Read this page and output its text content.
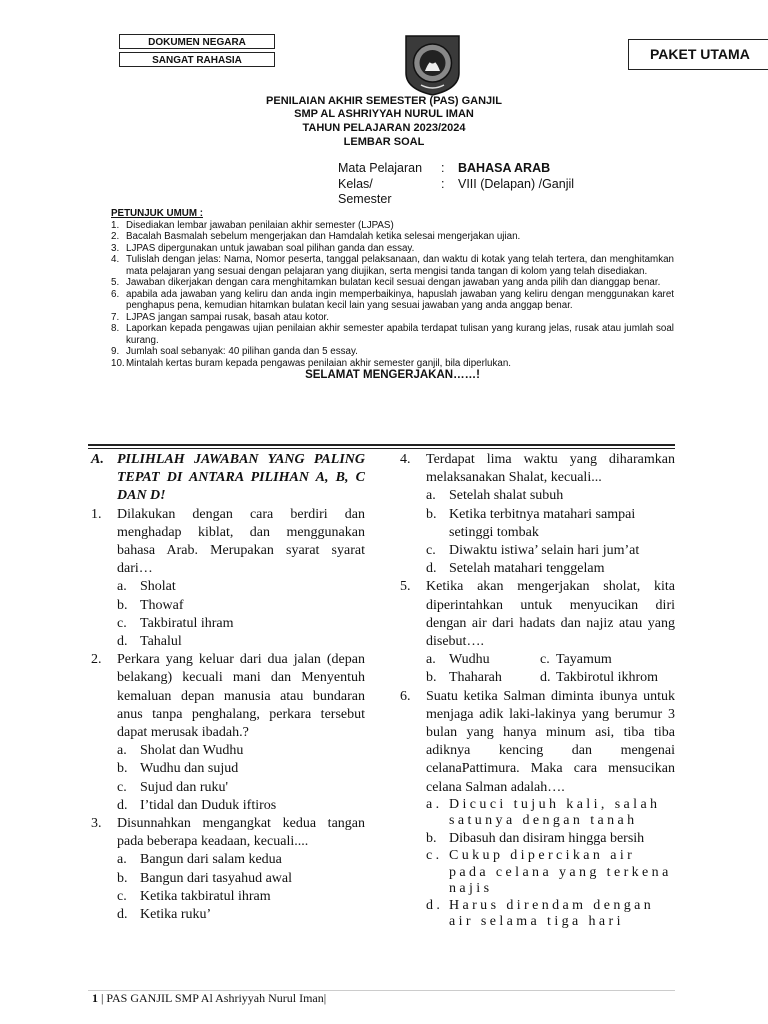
DOKUMEN NEGARA
SANGAT RAHASIA	PAKET UTAMA
PENILAIAN AKHIR SEMESTER (PAS) GANJIL
SMP AL ASHRIYYAH NURUL IMAN
TAHUN PELAJARAN 2023/2024
LEMBAR SOAL
Mata Pelajaran : BAHASA ARAB
Kelas/
Semester
: VIII (Delapan) /Ganjil
PETUNJUK UMUM :
1. Disediakan lembar jawaban penilaian akhir semester (LJPAS)
2. Bacalah Basmalah sebelum mengerjakan dan Hamdalah ketika selesai mengerjakan ujian.
3. LJPAS dipergunakan untuk jawaban soal pilihan ganda dan essay.
4. Tulislah dengan jelas: Nama, Nomor peserta, tanggal pelaksanaan, dan waktu di kotak yang telah tertera, dan menghitamkan mata pelajaran yang sesuai dengan pelajaran yang diujikan, serta mengisi tanda tangan di kolom yang telah disediakan.
5. Jawaban dikerjakan dengan cara menghitamkan bulatan kecil sesuai dengan jawaban yang anda pilih dan dianggap benar.
6. apabila ada jawaban yang keliru dan anda ingin memperbaikinya, hapuslah jawaban yang keliru dengan menggunakan karet penghapus pena, kemudian hitamkan bulatan kecil lain yang sesuai jawaban yang anda anggap benar.
7. LJPAS jangan sampai rusak, basah atau kotor.
8. Laporkan kepada pengawas ujian penilaian akhir semester apabila terdapat tulisan yang kurang jelas, rusak atau jumlah soal kurang.
9. Jumlah soal sebanyak: 40 pilihan ganda dan 5 essay.
10. Mintalah kertas buram kepada pengawas penilaian akhir semester ganjil, bila diperlukan.
SELAMAT MENGERJAKAN……!
A. PILIHLAH JAWABAN YANG PALING TEPAT DI ANTARA PILIHAN A, B, C DAN D!
1. Dilakukan dengan cara berdiri dan menghadap kiblat, dan menggunakan bahasa Arab. Merupakan syarat syarat dari…
a. Sholat
b. Thowaf
c. Takbiratul ihram
d. Tahalul
2. Perkara yang keluar dari dua jalan (depan belakang) kecuali mani dan Menyentuh kemaluan depan manusia atau bundaran anus tanpa penghalang, perkara tersebut dapat merusak ibadah.?
a. Sholat dan Wudhu
b. Wudhu dan sujud
c. Sujud dan ruku'
d. I’tidal dan Duduk iftiros
3. Disunnahkan mengangkat kedua tangan pada beberapa keadaan, kecuali....
a. Bangun dari salam kedua
b. Bangun dari tasyahud awal
c. Ketika takbiratul ihram
d. Ketika ruku’
4. Terdapat lima waktu yang diharamkan melaksanakan Shalat, kecuali...
a. Setelah shalat subuh
b. Ketika terbitnya matahari sampai setinggi tombak
c. Diwaktu istiwa’ selain hari jum’at
d. Setelah matahari tenggelam
5. Ketika akan mengerjakan sholat, kita diperintahkan untuk menyucikan diri dengan air dari hadats dan najiz atau yang disebut….
a. Wudhu	c. Tayamum
b. Thaharah	d. Takbirotul ikhrom
6. Suatu ketika Salman diminta ibunya untuk menjaga adik laki-lakinya yang berumur 3 bulan yang hanya minum asi, tiba tiba adiknya kencing dan mengenai celanaPattimura. Maka cara mensucikan celana Salman adalah….
a. Dicuci tujuh kali, salah satunya dengan tanah
b. Dibasuh dan disiram hingga bersih
c. Cukup dipercikan air pada celana yang terkena najis
d. Harus direndam dengan air selama tiga hari
1 | PAS GANJIL SMP Al Ashriyyah Nurul Iman|
